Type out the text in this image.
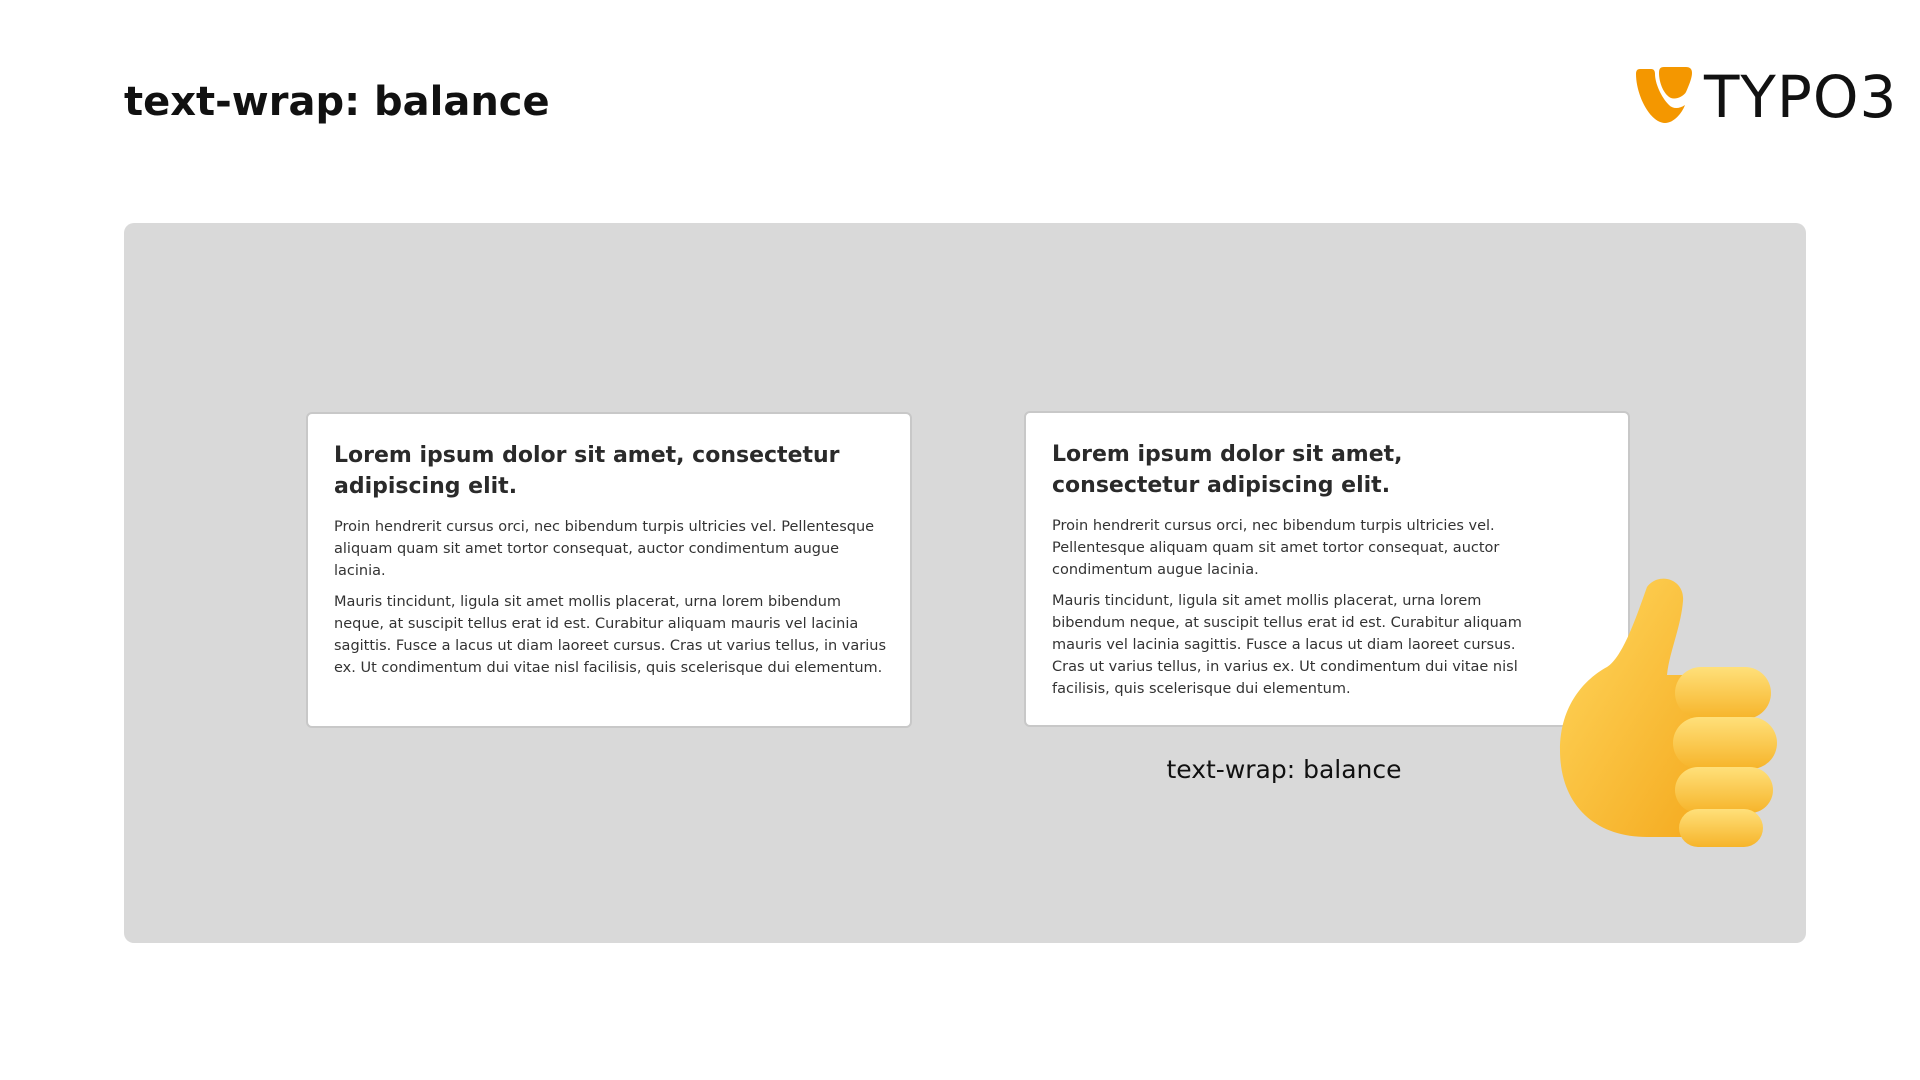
text-wrap: balance	TYPO3
Lorem ipsum dolor sit amet, consectetur adipiscing elit.

Proin hendrerit cursus orci, nec bibendum turpis ultricies vel. Pellentesque aliquam quam sit amet tortor consequat, auctor condimentum augue lacinia.

Mauris tincidunt, ligula sit amet mollis placerat, urna lorem bibendum neque, at suscipit tellus erat id est. Curabitur aliquam mauris vel lacinia sagittis. Fusce a lacus ut diam laoreet cursus. Cras ut varius tellus, in varius ex. Ut condimentum dui vitae nisl facilisis, quis scelerisque dui elementum.

Lorem ipsum dolor sit amet, consectetur adipiscing elit.

Proin hendrerit cursus orci, nec bibendum turpis ultricies vel. Pellentesque aliquam quam sit amet tortor consequat, auctor condimentum augue lacinia.

Mauris tincidunt, ligula sit amet mollis placerat, urna lorem bibendum neque, at suscipit tellus erat id est. Curabitur aliquam mauris vel lacinia sagittis. Fusce a lacus ut diam laoreet cursus. Cras ut varius tellus, in varius ex. Ut condimentum dui vitae nisl facilisis, quis scelerisque dui elementum.

text-wrap: balance
